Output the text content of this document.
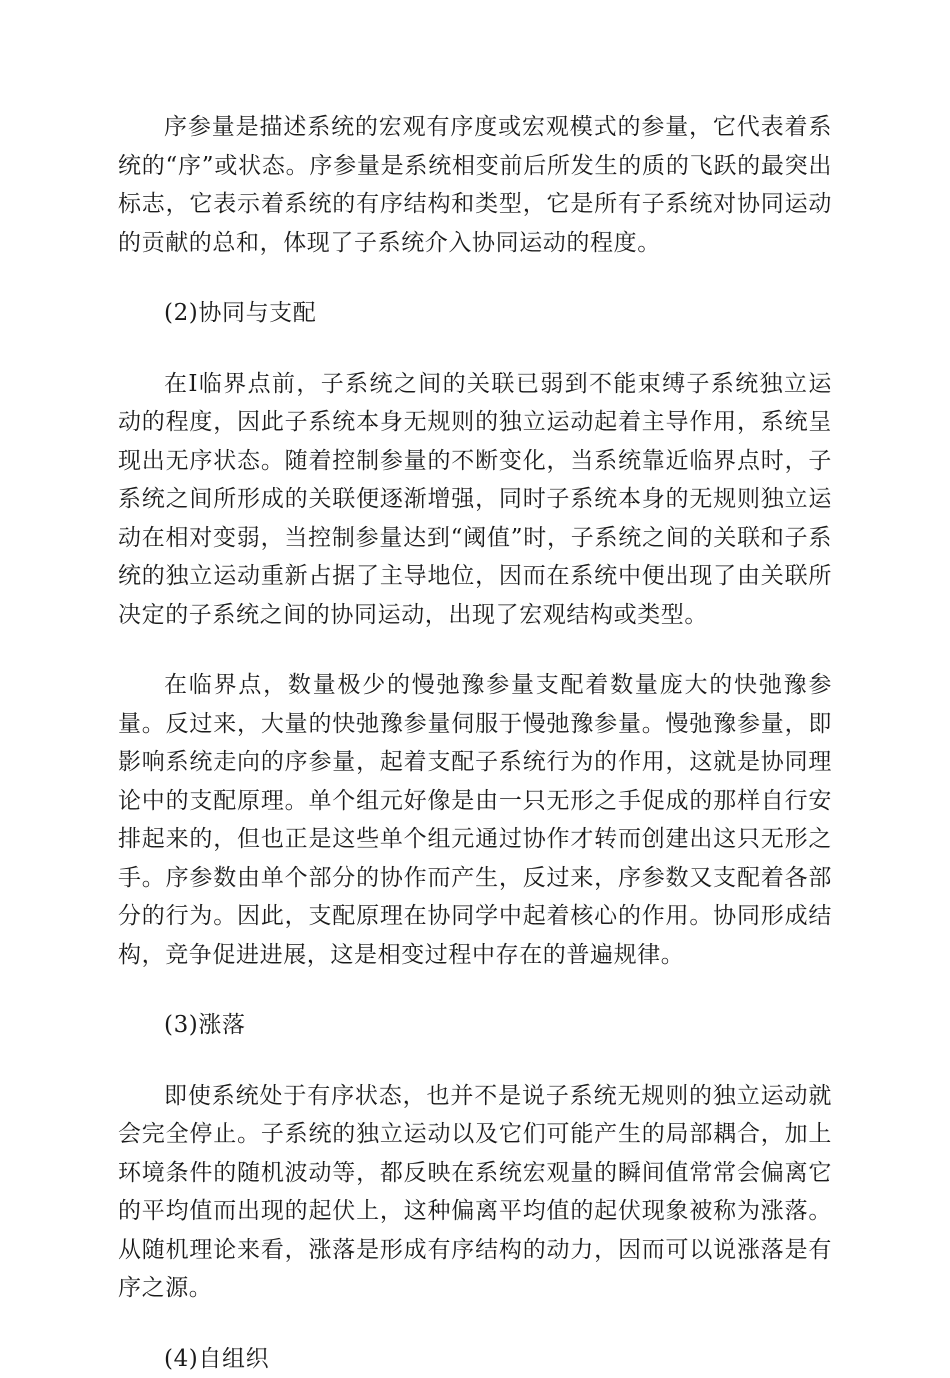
序参量是描述系统的宏观有序度或宏观模式的参量，它代表着系统的“序”或状态。序参量是系统相变前后所发生的质的飞跃的最突出标志，它表示着系统的有序结构和类型，它是所有子系统对协同运动的贡献的总和，体现了子系统介入协同运动的程度。

(2)协同与支配

在Ⅰ临界点前，子系统之间的关联已弱到不能束缚子系统独立运动的程度，因此子系统本身无规则的独立运动起着主导作用，系统呈现出无序状态。随着控制参量的不断变化，当系统靠近临界点时，子系统之间所形成的关联便逐渐增强，同时子系统本身的无规则独立运动在相对变弱，当控制参量达到“阈值”时，子系统之间的关联和子系统的独立运动重新占据了主导地位，因而在系统中便出现了由关联所决定的子系统之间的协同运动，出现了宏观结构或类型。

在临界点，数量极少的慢弛豫参量支配着数量庞大的快弛豫参量。反过来，大量的快弛豫参量伺服于慢弛豫参量。慢弛豫参量，即影响系统走向的序参量，起着支配子系统行为的作用，这就是协同理论中的支配原理。单个组元好像是由一只无形之手促成的那样自行安排起来的，但也正是这些单个组元通过协作才转而创建出这只无形之手。序参数由单个部分的协作而产生，反过来，序参数又支配着各部分的行为。因此，支配原理在协同学中起着核心的作用。协同形成结构，竞争促进进展，这是相变过程中存在的普遍规律。

(3)涨落

即使系统处于有序状态，也并不是说子系统无规则的独立运动就会完全停止。子系统的独立运动以及它们可能产生的局部耦合，加上环境条件的随机波动等，都反映在系统宏观量的瞬间值常常会偏离它的平均值而出现的起伏上，这种偏离平均值的起伏现象被称为涨落。从随机理论来看，涨落是形成有序结构的动力，因而可以说涨落是有序之源。

(4)自组织
